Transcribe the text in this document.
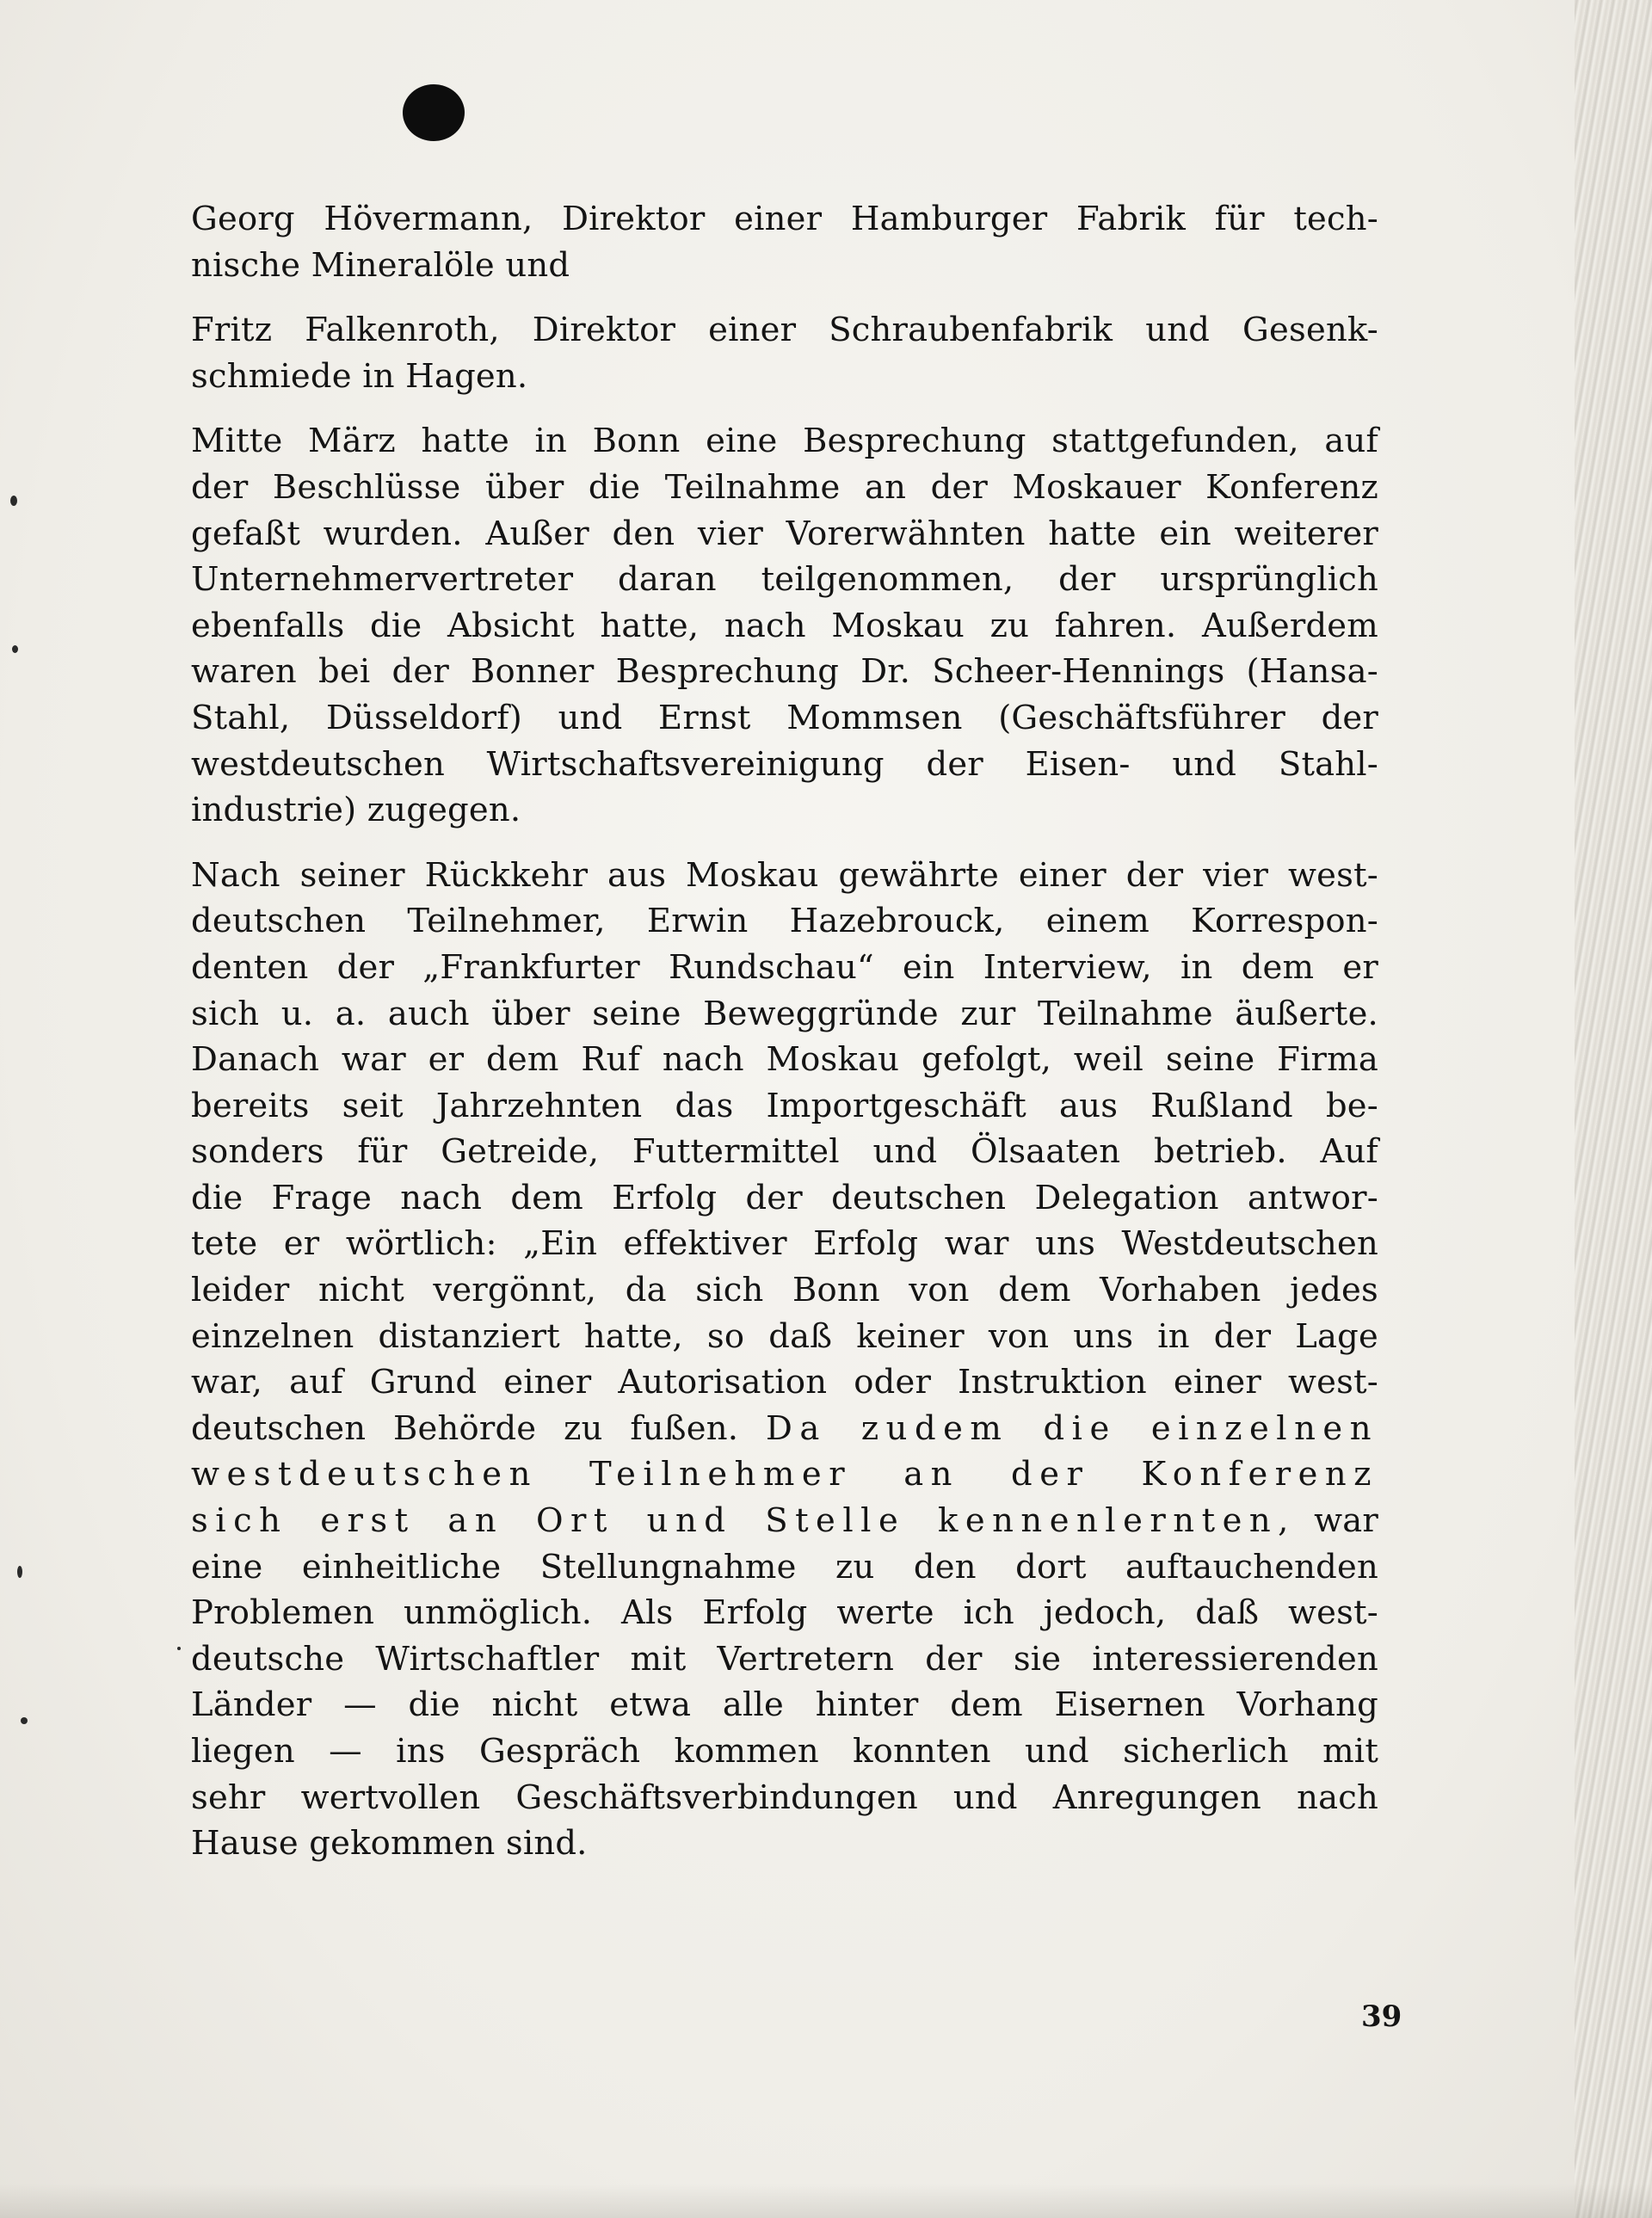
Georg Hövermann, Direktor einer Hamburger Fabrik für tech-
nische Mineralöle und
Fritz Falkenroth, Direktor einer Schraubenfabrik und Gesenk-
schmiede in Hagen.
Mitte März hatte in Bonn eine Besprechung stattgefunden, auf
der Beschlüsse über die Teilnahme an der Moskauer Konferenz
gefaßt wurden. Außer den vier Vorerwähnten hatte ein weiterer
Unternehmervertreter daran teilgenommen, der ursprünglich
ebenfalls die Absicht hatte, nach Moskau zu fahren. Außerdem
waren bei der Bonner Besprechung Dr. Scheer-Hennings (Hansa-
Stahl, Düsseldorf) und Ernst Mommsen (Geschäftsführer der
westdeutschen Wirtschaftsvereinigung der Eisen- und Stahl-
industrie) zugegen.
Nach seiner Rückkehr aus Moskau gewährte einer der vier west-
deutschen Teilnehmer, Erwin Hazebrouck, einem Korrespon-
denten der „Frankfurter Rundschau“ ein Interview, in dem er
sich u. a. auch über seine Beweggründe zur Teilnahme äußerte.
Danach war er dem Ruf nach Moskau gefolgt, weil seine Firma
bereits seit Jahrzehnten das Importgeschäft aus Rußland be-
sonders für Getreide, Futtermittel und Ölsaaten betrieb. Auf
die Frage nach dem Erfolg der deutschen Delegation antwor-
tete er wörtlich: „Ein effektiver Erfolg war uns Westdeutschen
leider nicht vergönnt, da sich Bonn von dem Vorhaben jedes
einzelnen distanziert hatte, so daß keiner von uns in der Lage
war, auf Grund einer Autorisation oder Instruktion einer west-
deutschen Behörde zu fußen. Da zudem die einzelnen
westdeutschen Teilnehmer an der Konferenz
sich erst an Ort und Stelle kennenlernten, war
eine einheitliche Stellungnahme zu den dort auftauchenden
Problemen unmöglich. Als Erfolg werte ich jedoch, daß west-
deutsche Wirtschaftler mit Vertretern der sie interessierenden
Länder — die nicht etwa alle hinter dem Eisernen Vorhang
liegen — ins Gespräch kommen konnten und sicherlich mit
sehr wertvollen Geschäftsverbindungen und Anregungen nach
Hause gekommen sind.
39
